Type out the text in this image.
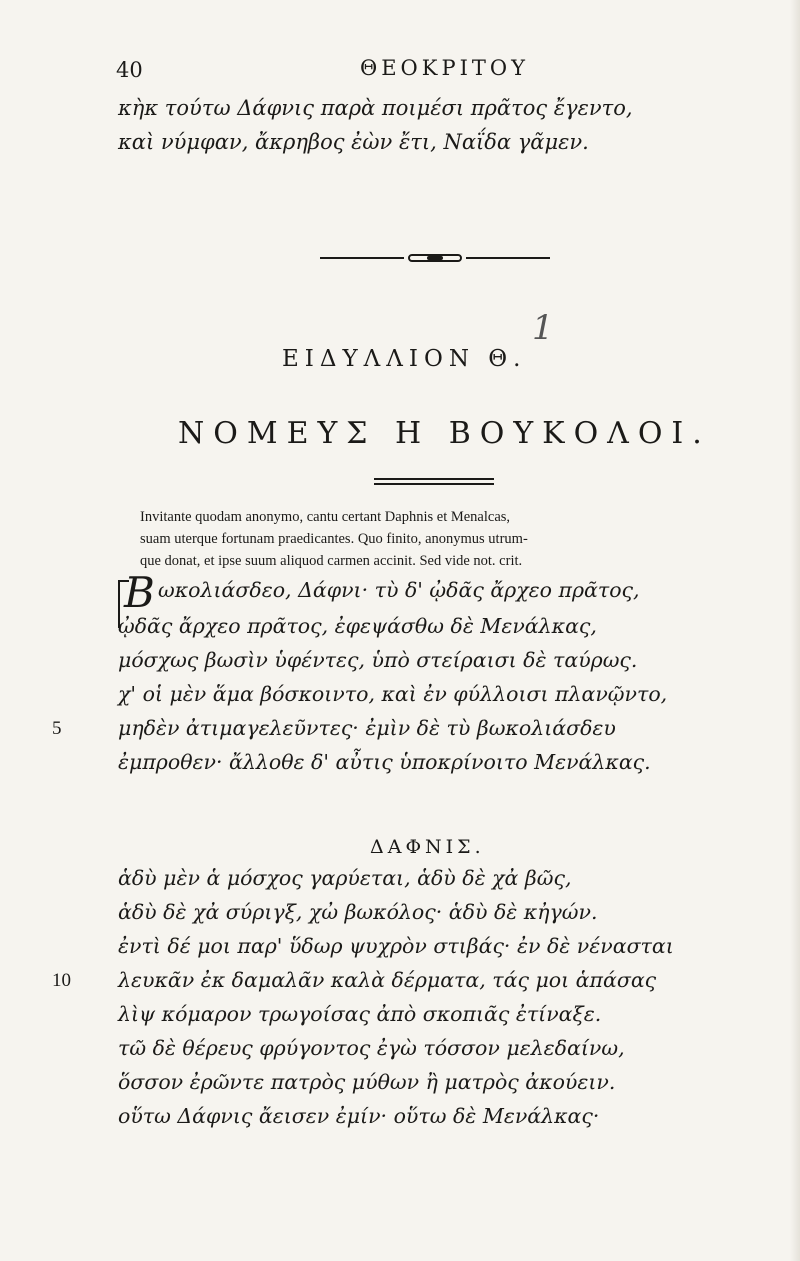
40	ΘΕΟΚΡΙΤΟΥ
κὴκ τούτω Δάφνις παρὰ ποιμέσι πρᾶτος ἔγεντο,
καὶ νύμφαν, ἄκρηβος ἐὼν ἔτι, Ναΐδα γᾶμεν.
1
ΕΙΔΥΛΛΙΟΝ Θ.
ΝΟΜΕΥΣ Η ΒΟΥΚΟΛΟΙ.
Invitante quodam anonymo, cantu certant Daphnis et Menalcas,
suam uterque fortunam praedicantes. Quo finito, anonymus utrum-
que donat, et ipse suum aliquod carmen accinit. Sed vide not. crit.
Β ωκολιάσδεο, Δάφνι· τὺ δ' ᾠδᾶς ἄρχεο πρᾶτος,
ᾠδᾶς ἄρχεο πρᾶτος, ἐφεψάσθω δὲ Μενάλκας,
μόσχως βωσὶν ὑφέντες, ὑπὸ στείραισι δὲ ταύρως.
χ' οἱ μὲν ἅμα βόσκοιντο, καὶ ἐν φύλλοισι πλανῷντο,
5	μηδὲν ἀτιμαγελεῦντες· ἐμὶν δὲ τὺ βωκολιάσδευ
ἐμπροθεν· ἄλλοθε δ' αὖτις ὑποκρίνοιτο Μενάλκας.
ΔΑΦΝΙΣ.
ἁδὺ μὲν ἁ μόσχος γαρύεται, ἁδὺ δὲ χἀ βῶς,
ἁδὺ δὲ χἀ σύριγξ, χὠ βωκόλος· ἁδὺ δὲ κἠγών.
ἐντὶ δέ μοι παρ' ὕδωρ ψυχρὸν στιβάς· ἐν δὲ νένασται
10 λευκᾶν ἐκ δαμαλᾶν καλὰ δέρματα, τάς μοι ἁπάσας
λὶψ κόμαρον τρωγοίσας ἀπὸ σκοπιᾶς ἐτίναξε.
τῶ δὲ θέρευς φρύγοντος ἐγὼ τόσσον μελεδαίνω,
ὅσσον ἐρῶντε πατρὸς μύθων ἢ ματρὸς ἀκούειν.
οὕτω Δάφνις ἄεισεν ἐμίν· οὕτω δὲ Μενάλκας·
